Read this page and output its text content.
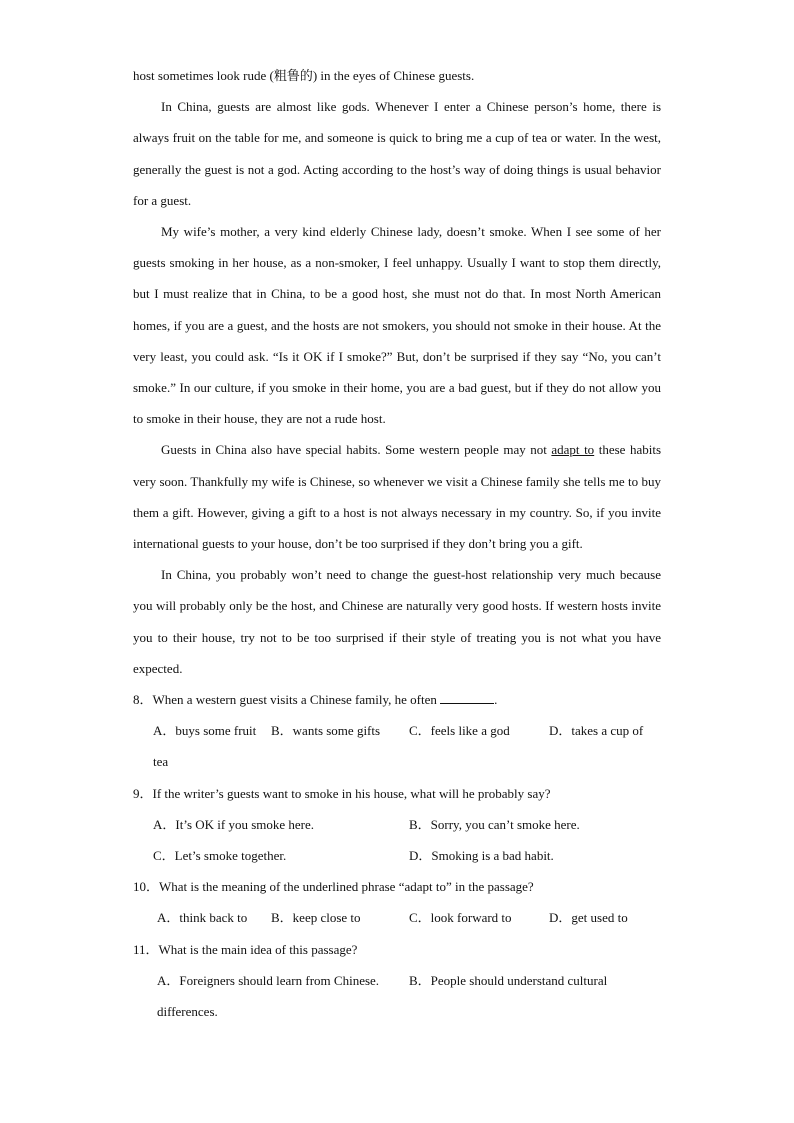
host sometimes look rude (粗鲁的) in the eyes of Chinese guests.

In China, guests are almost like gods. Whenever I enter a Chinese person’s home, there is always fruit on the table for me, and someone is quick to bring me a cup of tea or water. In the west, generally the guest is not a god. Acting according to the host’s way of doing things is usual behavior for a guest.

My wife’s mother, a very kind elderly Chinese lady, doesn’t smoke. When I see some of her guests smoking in her house, as a non-smoker, I feel unhappy. Usually I want to stop them directly, but I must realize that in China, to be a good host, she must not do that. In most North American homes, if you are a guest, and the hosts are not smokers, you should not smoke in their house. At the very least, you could ask. “Is it OK if I smoke?” But, don’t be surprised if they say “No, you can’t smoke.” In our culture, if you smoke in their home, you are a bad guest, but if they do not allow you to smoke in their house, they are not a rude host.

Guests in China also have special habits. Some western people may not adapt to these habits very soon. Thankfully my wife is Chinese, so whenever we visit a Chinese family she tells me to buy them a gift. However, giving a gift to a host is not always necessary in my country. So, if you invite international guests to your house, don’t be too surprised if they don’t bring you a gift.

In China, you probably won’t need to change the guest-host relationship very much because you will probably only be the host, and Chinese are naturally very good hosts. If western hosts invite you to their house, try not to be too surprised if their style of treating you is not what you have expected.

8．When a western guest visits a Chinese family, he often	.

A．buys some fruit B．wants some gifts C．feels like a god	D．takes a cup of

tea

9．If the writer’s guests want to smoke in his house, what will he probably say?

A．It’s OK if you smoke here.	B．Sorry, you can’t smoke here.
C．Let’s smoke together.	D．Smoking is a bad habit.

10．What is the meaning of the underlined phrase “adapt to” in the passage?

A．think back to B．keep close to	C．look forward to	D．get used to

11．What is the main idea of this passage?

A．Foreigners should learn from Chinese. B．People should understand cultural

differences.
